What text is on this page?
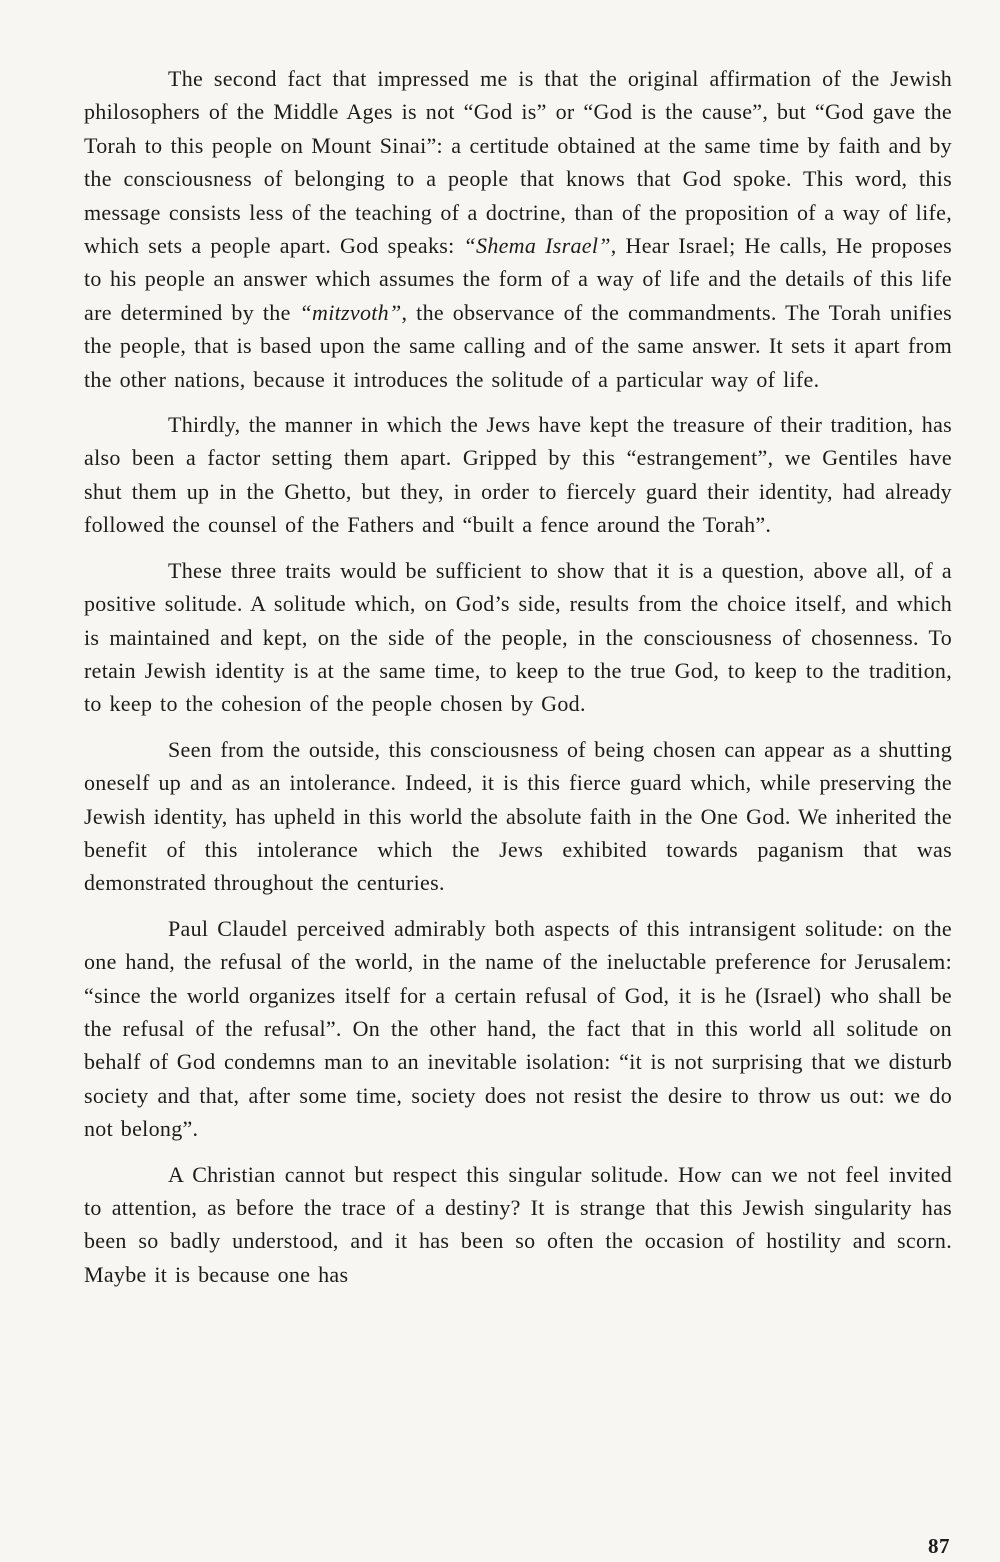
The second fact that impressed me is that the original affirmation of the Jewish philosophers of the Middle Ages is not “God is” or “God is the cause”, but “God gave the Torah to this people on Mount Sinai”: a certitude obtained at the same time by faith and by the consciousness of belonging to a people that knows that God spoke. This word, this message consists less of the teaching of a doctrine, than of the proposition of a way of life, which sets a people apart. God speaks: “Shema Israel”, Hear Israel; He calls, He proposes to his people an answer which assumes the form of a way of life and the details of this life are determined by the “mitzvoth”, the observance of the commandments. The Torah unifies the people, that is based upon the same calling and of the same answer. It sets it apart from the other nations, because it introduces the solitude of a particular way of life.

Thirdly, the manner in which the Jews have kept the treasure of their tradition, has also been a factor setting them apart. Gripped by this “estrangement”, we Gentiles have shut them up in the Ghetto, but they, in order to fiercely guard their identity, had already followed the counsel of the Fathers and “built a fence around the Torah”.

These three traits would be sufficient to show that it is a question, above all, of a positive solitude. A solitude which, on God’s side, results from the choice itself, and which is maintained and kept, on the side of the people, in the consciousness of chosenness. To retain Jewish identity is at the same time, to keep to the true God, to keep to the tradition, to keep to the cohesion of the people chosen by God.

Seen from the outside, this consciousness of being chosen can appear as a shutting oneself up and as an intolerance. Indeed, it is this fierce guard which, while preserving the Jewish identity, has upheld in this world the absolute faith in the One God. We inherited the benefit of this intolerance which the Jews exhibited towards paganism that was demonstrated throughout the centuries.

Paul Claudel perceived admirably both aspects of this intransigent solitude: on the one hand, the refusal of the world, in the name of the ineluctable preference for Jerusalem: “since the world organizes itself for a certain refusal of God, it is he (Israel) who shall be the refusal of the refusal”. On the other hand, the fact that in this world all solitude on behalf of God condemns man to an inevitable isolation: “it is not surprising that we disturb society and that, after some time, society does not resist the desire to throw us out: we do not belong”.

A Christian cannot but respect this singular solitude. How can we not feel invited to attention, as before the trace of a destiny? It is strange that this Jewish singularity has been so badly understood, and it has been so often the occasion of hostility and scorn. Maybe it is because one has

87
